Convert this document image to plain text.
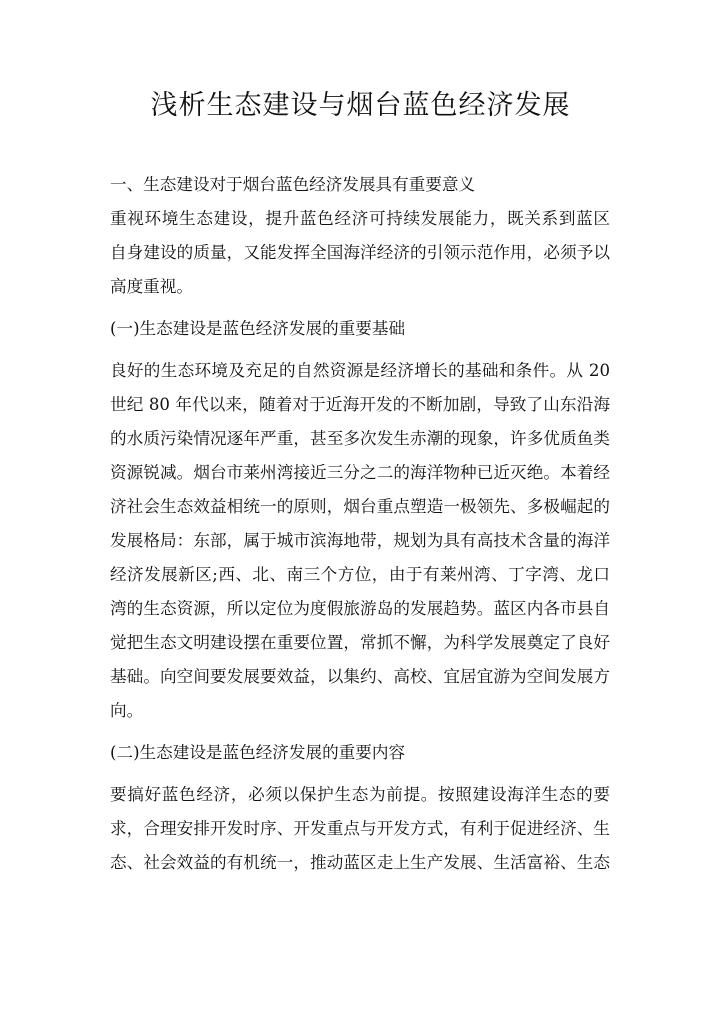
浅析生态建设与烟台蓝色经济发展
一、生态建设对于烟台蓝色经济发展具有重要意义
重视环境生态建设，提升蓝色经济可持续发展能力，既关系到蓝区
自身建设的质量，又能发挥全国海洋经济的引领示范作用，必须予以
高度重视。
(一)生态建设是蓝色经济发展的重要基础
良好的生态环境及充足的自然资源是经济增长的基础和条件。从 20
世纪 80 年代以来，随着对于近海开发的不断加剧，导致了山东沿海
的水质污染情况逐年严重，甚至多次发生赤潮的现象，许多优质鱼类
资源锐减。烟台市莱州湾接近三分之二的海洋物种已近灭绝。本着经
济社会生态效益相统一的原则，烟台重点塑造一极领先、多极崛起的
发展格局：东部，属于城市滨海地带，规划为具有高技术含量的海洋
经济发展新区;西、北、南三个方位，由于有莱州湾、丁字湾、龙口
湾的生态资源，所以定位为度假旅游岛的发展趋势。蓝区内各市县自
觉把生态文明建设摆在重要位置，常抓不懈，为科学发展奠定了良好
基础。向空间要发展要效益，以集约、高校、宜居宜游为空间发展方
向。
(二)生态建设是蓝色经济发展的重要内容
要搞好蓝色经济，必须以保护生态为前提。按照建设海洋生态的要
求，合理安排开发时序、开发重点与开发方式，有利于促进经济、生
态、社会效益的有机统一，推动蓝区走上生产发展、生活富裕、生态
